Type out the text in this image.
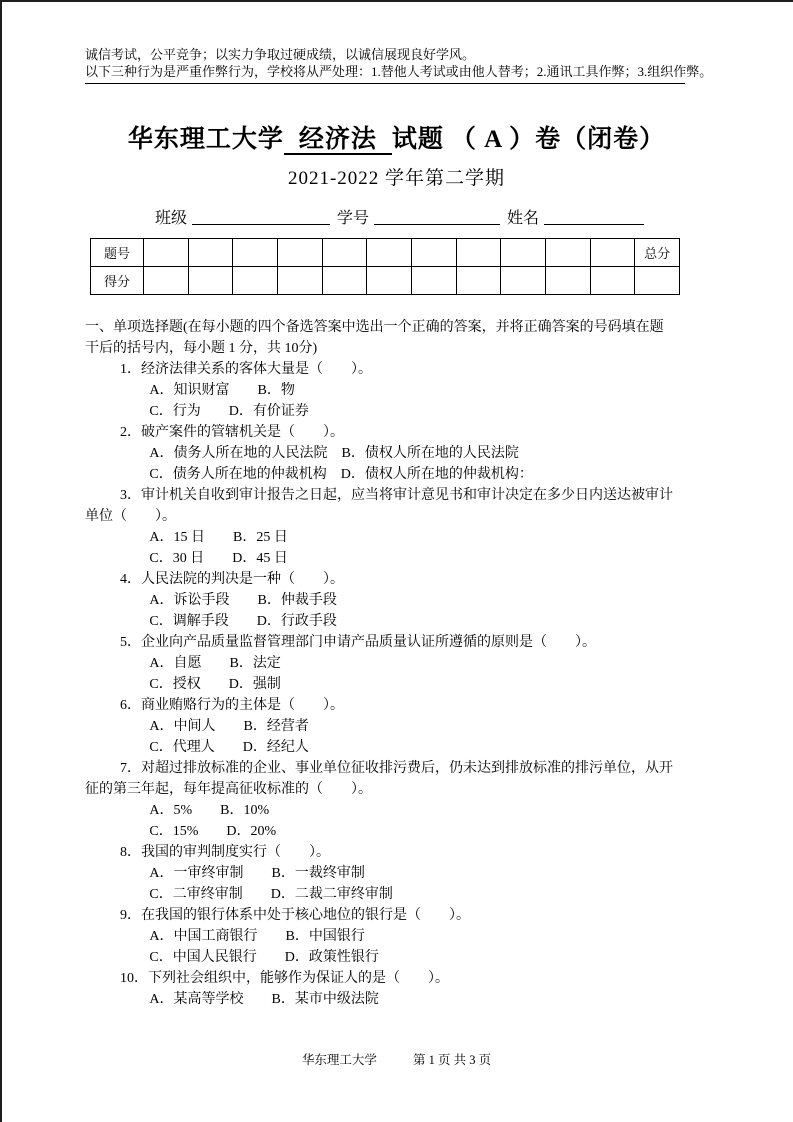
诚信考试，公平竞争；以实力争取过硬成绩，以诚信展现良好学风。

以下三种行为是严重作弊行为，学校将从严处理：1.替他人考试或由他人替考；2.通讯工具作弊；3.组织作弊。

华东理工大学 经济法 试题 （ A ）卷（闭卷）
2021-2022 学年第二学期
班级	学号	姓名
题号												总分
得分												

一、单项选择题(在每小题的四个备选答案中选出一个正确的答案，并将正确答案的号码填在题

干后的括号内，每小题 1 分，共 10分)

1．经济法律关系的客体大量是（　　）。

A．知识财富　　B．物

C．行为　　D．有价证券

2．破产案件的管辖机关是（　　）。

A．债务人所在地的人民法院　B．债权人所在地的人民法院

C．债务人所在地的仲裁机构　D．债权人所在地的仲裁机构：

3．审计机关自收到审计报告之日起，应当将审计意见书和审计决定在多少日内送达被审计

单位（　　）。

A．15 日　　B．25 日

C．30 日　　D．45 日

4．人民法院的判决是一种（　　）。

A．诉讼手段　　B．仲裁手段

C．调解手段　　D．行政手段

5．企业向产品质量监督管理部门申请产品质量认证所遵循的原则是（　　）。

A．自愿　　B．法定

C．授权　　D．强制

6．商业贿赂行为的主体是（　　）。

A．中间人　　B．经营者

C．代理人　　D．经纪人

7．对超过排放标准的企业、事业单位征收排污费后，仍未达到排放标准的排污单位，从开

征的第三年起，每年提高征收标准的（　　）。

A．5%　　B．10%

C．15%　　D．20%

8．我国的审判制度实行（　　）。

A．一审终审制　　B．一裁终审制

C．二审终审制　　D．二裁二审终审制

9．在我国的银行体系中处于核心地位的银行是（　　）。

A．中国工商银行　　B．中国银行

C．中国人民银行　　D．政策性银行

10．下列社会组织中，能够作为保证人的是（　　）。

A．某高等学校　　B．某市中级法院

华东理工大学	第 1 页 共 3 页
